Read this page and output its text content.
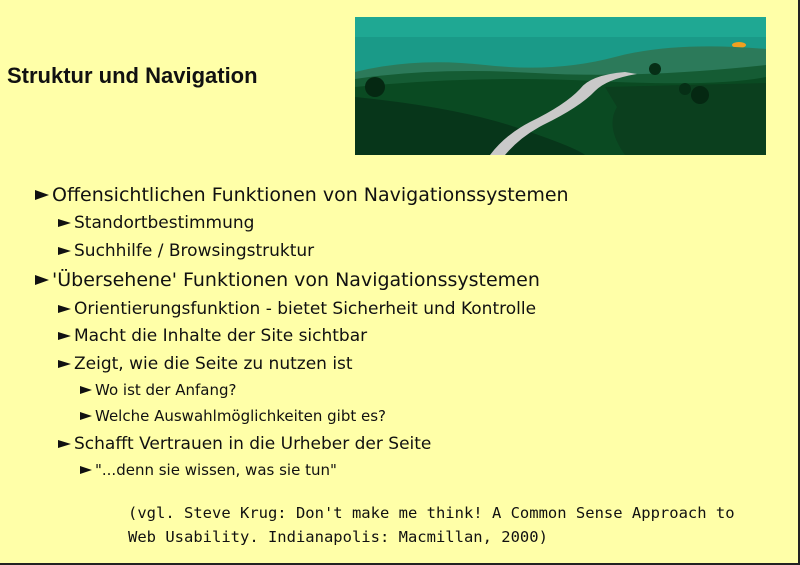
Struktur und Navigation
Offensichtlichen Funktionen von Navigationssystemen
Standortbestimmung
Suchhilfe / Browsingstruktur
'Übersehene' Funktionen von Navigationssystemen
Orientierungsfunktion - bietet Sicherheit und Kontrolle
Macht die Inhalte der Site sichtbar
Zeigt, wie die Seite zu nutzen ist
Wo ist der Anfang?
Welche Auswahlmöglichkeiten gibt es?
Schafft Vertrauen in die Urheber der Seite
"...denn sie wissen, was sie tun"
(vgl. Steve Krug: Don't make me think! A Common Sense Approach to
Web Usability. Indianapolis: Macmillan, 2000)
